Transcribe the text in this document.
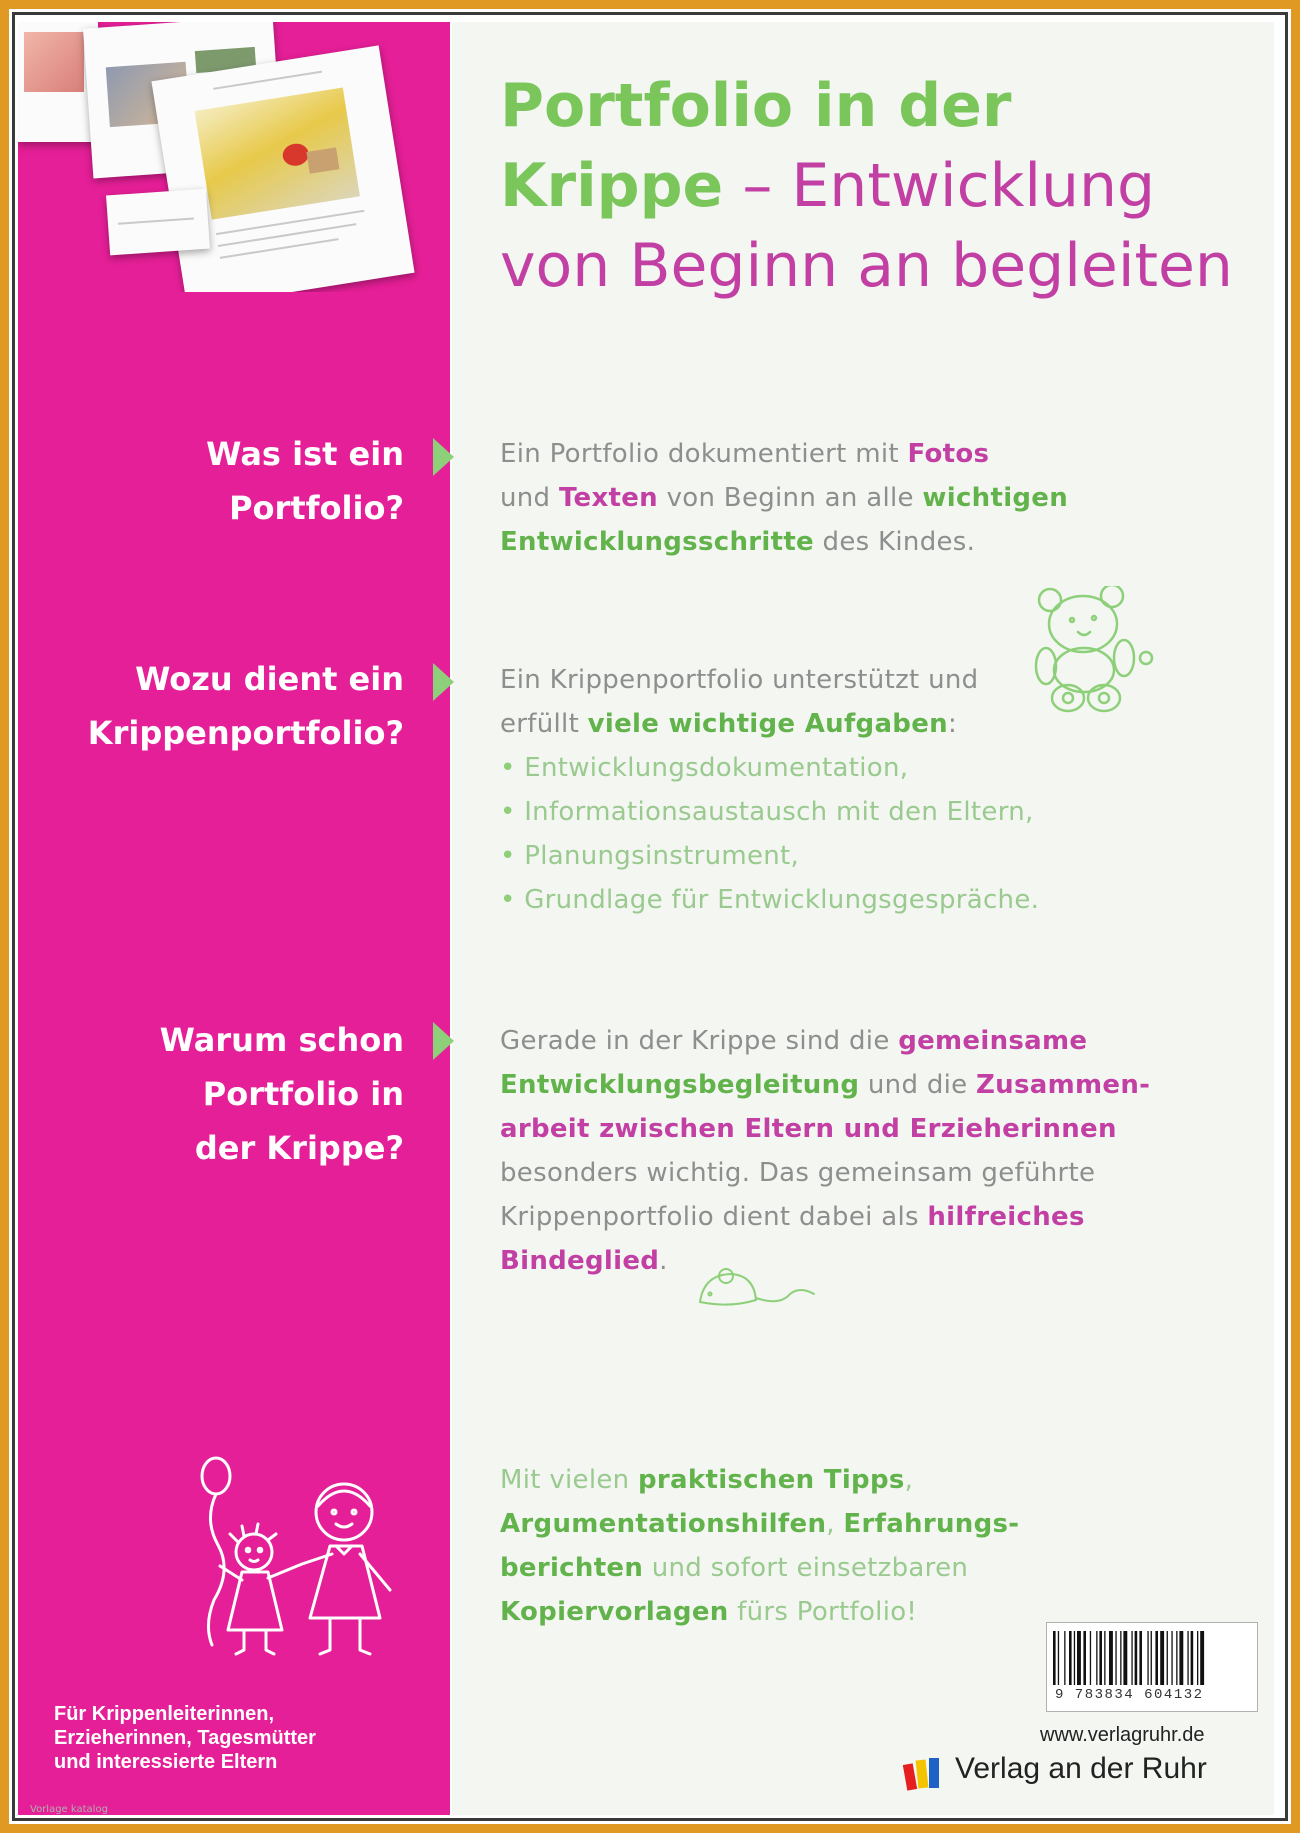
Portfolio in der
Krippe – Entwicklung
von Beginn an begleiten
Was ist ein
Portfolio?
Wozu dient ein
Krippenportfolio?
Warum schon
Portfolio in
der Krippe?
Ein Portfolio dokumentiert mit Fotos
und Texten von Beginn an alle wichtigen
Entwicklungsschritte des Kindes.
Ein Krippenportfolio unterstützt und
erfüllt viele wichtige Aufgaben:
• Entwicklungsdokumentation,
• Informationsaustausch mit den Eltern,
• Planungsinstrument,
• Grundlage für Entwicklungsgespräche.
Gerade in der Krippe sind die gemeinsame
Entwicklungsbegleitung und die Zusammen-
arbeit zwischen Eltern und Erzieherinnen
besonders wichtig. Das gemeinsam geführte
Krippenportfolio dient dabei als hilfreiches
Bindeglied.
Mit vielen praktischen Tipps,
Argumentationshilfen, Erfahrungs-
berichten und sofort einsetzbaren
Kopiervorlagen fürs Portfolio!
Für Krippenleiterinnen,
Erzieherinnen, Tagesmütter
und interessierte Eltern
Vorlage katalog
9 783834 604132
www.verlagruhr.de
Verlag an der Ruhr
